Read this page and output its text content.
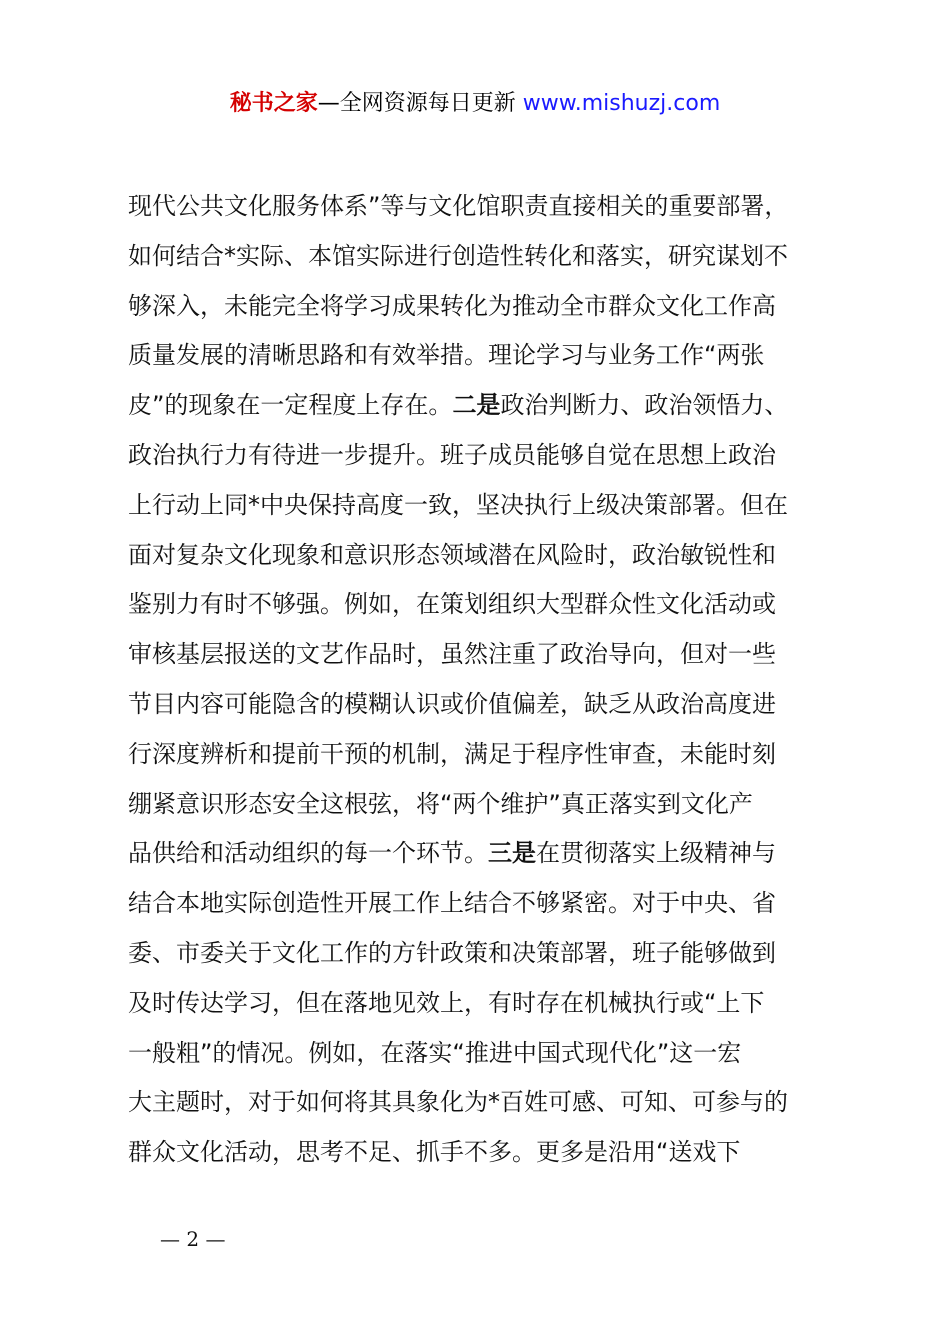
秘书之家—全网资源每日更新 www.mishuzj.com
现代公共文化服务体系”等与文化馆职责直接相关的重要部署，
如何结合*实际、本馆实际进行创造性转化和落实，研究谋划不
够深入，未能完全将学习成果转化为推动全市群众文化工作高
质量发展的清晰思路和有效举措。理论学习与业务工作“两张
皮”的现象在一定程度上存在。二是政治判断力、政治领悟力、
政治执行力有待进一步提升。班子成员能够自觉在思想上政治
上行动上同*中央保持高度一致，坚决执行上级决策部署。但在
面对复杂文化现象和意识形态领域潜在风险时，政治敏锐性和
鉴别力有时不够强。例如，在策划组织大型群众性文化活动或
审核基层报送的文艺作品时，虽然注重了政治导向，但对一些
节目内容可能隐含的模糊认识或价值偏差，缺乏从政治高度进
行深度辨析和提前干预的机制，满足于程序性审查，未能时刻
绷紧意识形态安全这根弦，将“两个维护”真正落实到文化产
品供给和活动组织的每一个环节。三是在贯彻落实上级精神与
结合本地实际创造性开展工作上结合不够紧密。对于中央、省
委、市委关于文化工作的方针政策和决策部署，班子能够做到
及时传达学习，但在落地见效上，有时存在机械执行或“上下
一般粗”的情况。例如，在落实“推进中国式现代化”这一宏
大主题时，对于如何将其具象化为*百姓可感、可知、可参与的
群众文化活动，思考不足、抓手不多。更多是沿用“送戏下
— 2 —
